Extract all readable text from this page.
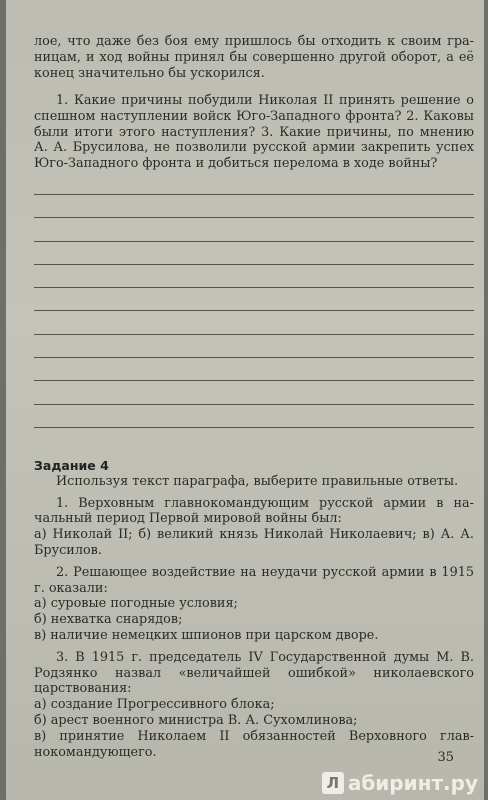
лое, что даже без боя ему пришлось бы отходить к своим гра-

ницам, и ход войны принял бы совершенно другой оборот, а её

конец значительно бы ускорился.

1. Какие причины побудили Николая II принять решение о спешном наступлении войск Юго-Западного фронта? 2. Каковы были итоги этого наступления? 3. Какие причины, по мнению А. А. Брусилова, не позволили русской армии закрепить успех Юго-Западного фронта и добиться перелома в ходе войны?

Задание 4

Используя текст параграфа, выберите правильные ответы.

1. Верховным главнокомандующим русской армии в начальный период Первой мировой войны был:

а) Николай II; б) великий князь Николай Николаевич; в) А. А. Брусилов.

2. Решающее воздействие на неудачи русской армии в 1915 г. оказали:

а) суровые погодные условия;

б) нехватка снарядов;

в) наличие немецких шпионов при царском дворе.

3. В 1915 г. председатель IV Государственной думы М. В. Родзянко назвал «величайшей ошибкой» николаевского царствования:

а) создание Прогрессивного блока;

б) арест военного министра В. А. Сухомлинова;

в) принятие Николаем II обязанностей Верховного главнокомандующего.	35
Л абиринт.ру
